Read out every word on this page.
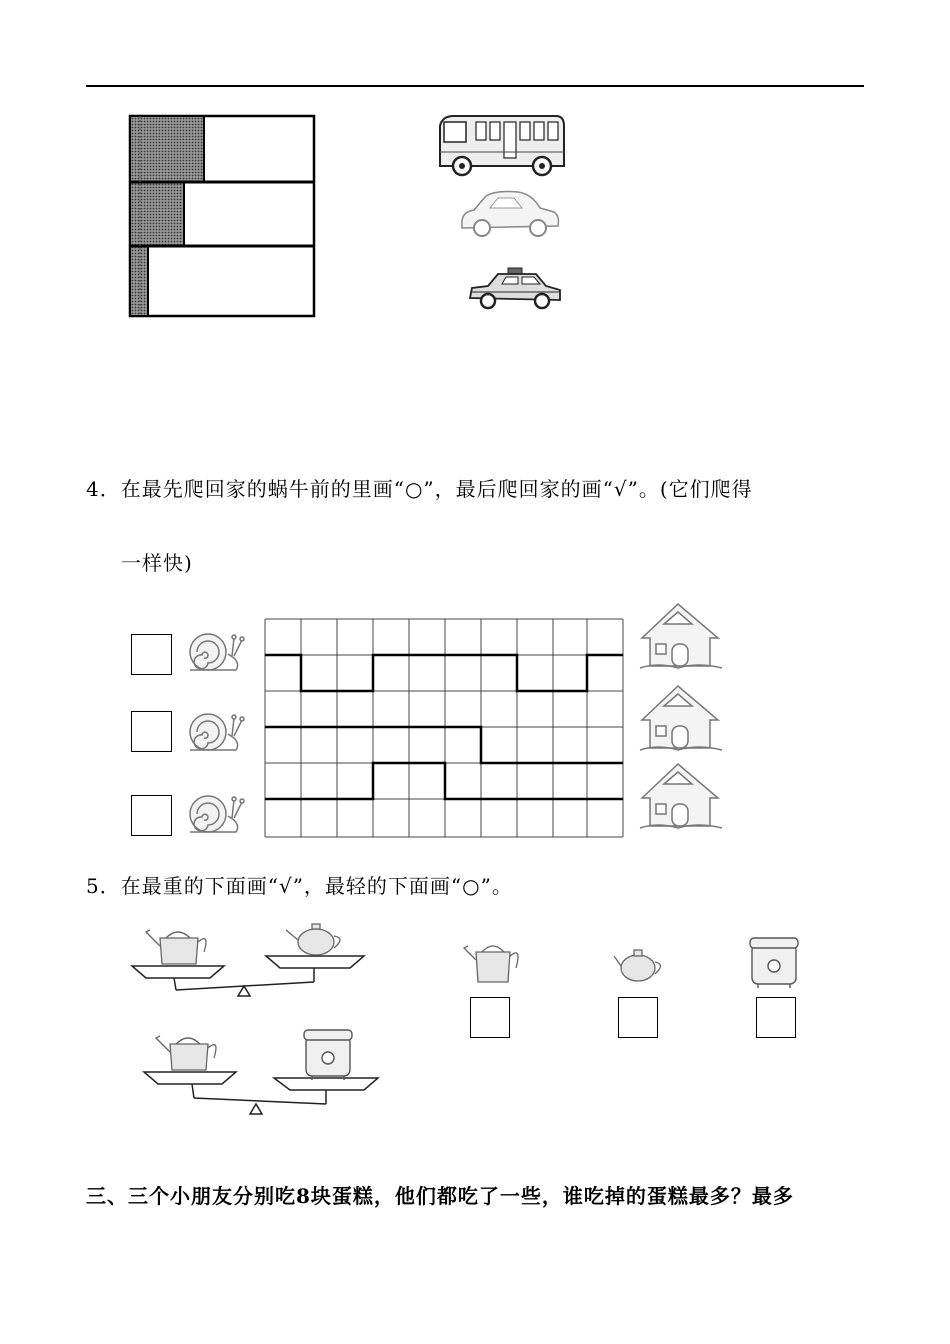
4．在最先爬回家的蜗牛前的里画“○”，最后爬回家的画“√”。(它们爬得
一样快)
5．在最重的下面画“√”，最轻的下面画“○”。
三、三个小朋友分别吃8块蛋糕，他们都吃了一些，谁吃掉的蛋糕最多？最多
